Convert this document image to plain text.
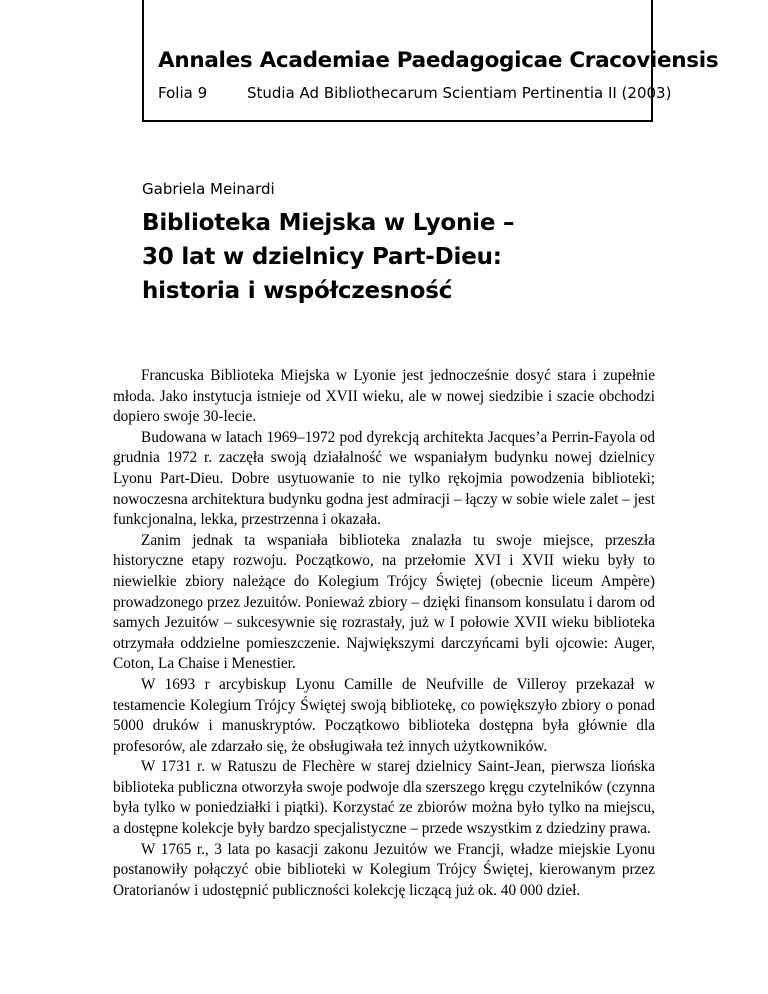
Annales Academiae Paedagogicae Cracoviensis
Folia 9	Studia Ad Bibliothecarum Scientiam Pertinentia II (2003)
Gabriela Meinardi
Biblioteka Miejska w Lyonie –
30 lat w dzielnicy Part-Dieu:
historia i współczesność

Francuska Biblioteka Miejska w Lyonie jest jednocześnie dosyć stara i zupełnie młoda. Jako instytucja istnieje od XVII wieku, ale w nowej siedzibie i szacie obchodzi dopiero swoje 30-lecie.

Budowana w latach 1969–1972 pod dyrekcją architekta Jacques’a Perrin-Fayola od grudnia 1972 r. zaczęła swoją działalność we wspaniałym budynku nowej dzielnicy Lyonu Part-Dieu. Dobre usytuowanie to nie tylko rękojmia powodzenia biblioteki; nowoczesna architektura budynku godna jest admiracji – łączy w sobie wiele zalet – jest funkcjonalna, lekka, przestrzenna i okazała.

Zanim jednak ta wspaniała biblioteka znalazła tu swoje miejsce, przeszła historyczne etapy rozwoju. Początkowo, na przełomie XVI i XVII wieku były to niewielkie zbiory należące do Kolegium Trójcy Świętej (obecnie liceum Ampère) prowadzonego przez Jezuitów. Ponieważ zbiory – dzięki finansom konsulatu i darom od samych Jezuitów – sukcesywnie się rozrastały, już w I połowie XVII wieku biblioteka otrzymała oddzielne pomieszczenie. Największymi darczyńcami byli ojcowie: Auger, Coton, La Chaise i Menestier.

W 1693 r arcybiskup Lyonu Camille de Neufville de Villeroy przekazał w testamencie Kolegium Trójcy Świętej swoją bibliotekę, co powiększyło zbiory o ponad 5000 druków i manuskryptów. Początkowo biblioteka dostępna była głównie dla profesorów, ale zdarzało się, że obsługiwała też innych użytkowników.

W 1731 r. w Ratuszu de Flechère w starej dzielnicy Saint-Jean, pierwsza liońska biblioteka publiczna otworzyła swoje podwoje dla szerszego kręgu czytelników (czynna była tylko w poniedziałki i piątki). Korzystać ze zbiorów można było tylko na miejscu, a dostępne kolekcje były bardzo specjalistyczne – przede wszystkim z dziedziny prawa.

W 1765 r., 3 lata po kasacji zakonu Jezuitów we Francji, władze miejskie Lyonu postanowiły połączyć obie biblioteki w Kolegium Trójcy Świętej, kierowanym przez Oratorianów i udostępnić publiczności kolekcję liczącą już ok. 40 000 dzieł.
